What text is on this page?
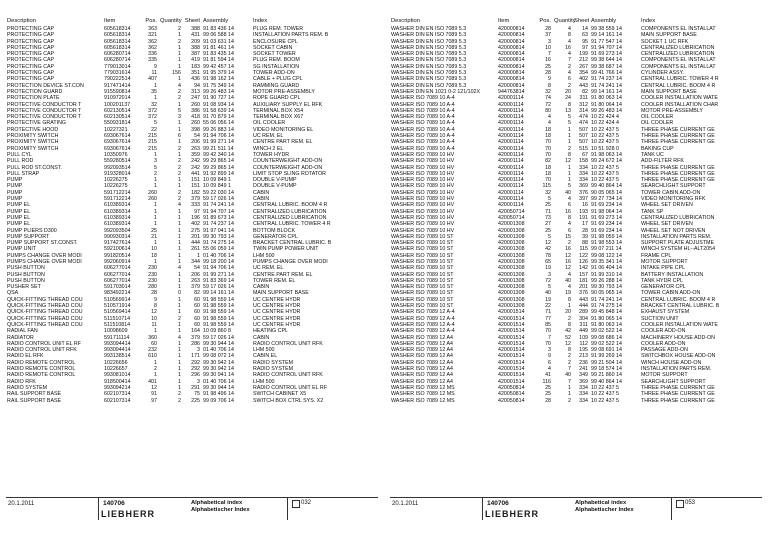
Description	Item	Pos.	Quantity	Sheet	Assembly	Index
PROTECTING CAP	605618314	363	2	388	91 83 436 14	PLUG REM. TOWER
PROTECTING CAP	605618314	321	1	431	99 06 588 14	INSTALLATION PARTS REM. B
PROTECTING CAP	605618314	362	2	209	91 03 631 14	ENCLOSURE CPL
PROTECTING CAP	605618314	362	1	388	91 81 461 14	SOCKET CABIN
PROTECTING CAP	606280714	336	1	387	91 83 435 14	SOCKET TOWER
PROTECTING CAP	606280714	335	1	419	91 81 594 14	PLUG REM. BOOM
PROTECTING CAP	779013014	9	1	183	99 42 457 14	SG INSTALLATION
PROTECTING CAP	779031614	11	156	351	91 95 379 14	TOWER ADD-ON
PROTECTING CAP	790222514	407	1	436	91 98 162 14	CABLE + PLUG CPL
PROTECTION DEVICE ST.CON	917471414	1	4	94	91 75 349 14	RAMMING GUARD
PROTECTION GUARD	915590814	35	2	313	99 26 483 14	MOTOR PRE-ASSEMBLY
PROTECTION PLATE	910972014	1	2	247	91 90 727 14	ROPE GUARD CPL
PROTECTIVE CONDUCTOR T	100201137	32	1	260	91 08 934 14	AUXILIARY SUPPLY EL RFK
PROTECTIVE CONDUCTOR T	602130514	372	5	386	91 58 639 14	TERMINAL BOX X54
PROTECTIVE CONDUCTOR T	602130514	372	3	418	91 70 879 14	TERMINAL BOX X67
PROTECTIVE GRATING	550931814	5	1	260	55 06 056 14	OIL COOLER
PROTECTIVE HOOD	10227321	22	1	398	99 26 883 14	VIDEO MONITORING EL
PROXIMITY SWITCH	693067614	215	6	54	91 94 706 14	UC REM. EL
PROXIMITY SWITCH	693067614	215	1	206	91 99 271 14	CENTRE PART REM. EL
PROXIMITY SWITCH	693067614	215	2	263	99 21 511 14	WINCH 2 EL
PULL CYL	10350976	1	1	359	99 42 340 14	TOWER HYDR
PULL ROD	559280514	3	2	242	99 29 865 14	COUNTERWEIGHT ADD-ON
PULL ROD ST.CONST.	992093514	5	2	242	99 29 865 14	COUNTERWEIGHT ADD-ON
PULL STRAP	919328014	2	2	441	91 92 899 14	LIMIT STOP SLING ROTATOR
PUMP	10226275	1	1	151	10 09 849 1	DOUBLE V-PUMP
PUMP	10226275	1	1	151	10 09 849 1	DOUBLE V-PUMP
PUMP	591712214	260	2	182	59 22 030 14	CABIN
PUMP	591712214	260	2	379	59 17 026 14	CABIN
PUMP EL	610389314	1	4	333	91 74 241 14	CENTRAL LUBRIC. BOOM 4 R
PUMP EL	610389314	1	1	97	91 94 707 14	CENTRALIZED LUBRICATION
PUMP EL	610389314	1	1	196	91 89 673 14	CENTRALIZED LUBRICATION
PUMP EL	610389314	1	1	402	91 74 237 14	CENTRAL LUBRIC. TOWER 4 R
PUMP PLIERS D300	992093504	25	1	275	91 97 041 14	BOTTOM BLOCK
PUMP SUPPORT	990930314	21	1	201	99 30 793 14	GENERATOR CPL
PUMP SUPPORT ST.CONST.	917427614	1	1	444	91 74 275 14	BRACKET CENTRAL LUBRIC. B
PUMP UNIT	592100614	10	1	261	55 06 059 14	TWIN PUMP POWER UNIT
PUMPS CHANGE OVER MODI	991820514	18	1	1	01 40 706 14	LHM 500
PUMPS CHANGE OVER MODI	992060914	1	1	344	99 18 200 14	PUMPS CHANGE OVER MODI
PUSH BUTTON	606277014	230	4	54	91 94 706 14	UC REM. EL
PUSH BUTTON	606277014	230	1	206	91 99 271 14	CENTRE PART REM. EL
PUSH BUTTON	606277014	230	1	263	91 83 369 14	TOWER REM. EL
PUSHER SET	591703014	280	1	379	59 17 026 14	CABIN
QSA	983492214	28	0	82	99 14 161 14	MAIN SUPPORT BASE
QUICK-FITTING THREAD COU	510569914	9	1	60	91 98 559 14	UC CENTRE HYDR
QUICK-FITTING THREAD COU	510571914	8	1	60	91 98 559 14	UC CENTRE HYDR
QUICK-FITTING THREAD COU	510569414	12	1	60	91 98 559 14	UC CENTRE HYDR
QUICK-FITTING THREAD COU	511510714	10	2	60	91 98 559 14	UC CENTRE HYDR
QUICK-FITTING THREAD COU	511510814	11	1	60	91 98 559 14	UC CENTRE HYDR
RADIAL FAN	10098609	1	1	164	10 09 860 8	HEATING CPL
RADIATOR	591711114	360	4	379	59 17 026 14	CABIN
RADIO CONTROL UNIT EL RF	993094414	60	1	286	99 30 944 14	RADIO CONTROL UNIT RFK
RADIO CONTROL UNIT RFK	993094414	232	1	3	01 40 706 14	LHM 500
RADIO EL RFK	993138514	610	1	171	99 08 072 14	CABIN EL
RADIO REMOTE CONTROL	10226656	1	1	292	99 30 942 14	RADIO SYSTEM
RADIO REMOTE CONTROL	10226657	2	1	292	99 30 942 14	RADIO SYSTEM
RADIO REMOTE CONTROL	993081014	1	1	296	99 30 941 14	RADIO CONTROL UNIT RFK
RADIO RFK	918500414	401	1	3	01 40 706 14	LHM 500
RADIO SYSTEM	993094214	12	1	291	99 30 944 14	RADIO CONTROL UNIT EL RF
RAIL SUPPORT BASE	602107314	91	2	75	91 98 496 14	SWITCH CABINET X5
RAIL SUPPORT BASE	602107314	97	2	225	99 09 706 14	SWITCH BOX CTRL SYS. X2
20.1.2011	140706
LIEBHERR
Alphabetical index
Alphabetischer Index
032
Description	Item	Pos.	Quantity	Sheet	Assembly	Index
WASHER DIN EN ISO 7089 5.3	420000814	28	4	14	99 38 559 14	COMPONENTS EL INSTALLAT
WASHER DIN EN ISO 7089 5.3	420000814	37	8	63	99 14 161 14	MAIN SUPPORT BASE
WASHER DIN EN ISO 7089 5.3	420000814	3	4	95	91 77 547 14	SOCKET 1 UC RFK
WASHER DIN EN ISO 7089 5.3	420000814	10	16	97	91 94 707 14	CENTRALIZED LUBRICATION
WASHER DIN EN ISO 7089 5.3	420000814	7	4	199	91 69 273 14	CENTRALIZED LUBRICATION
WASHER DIN EN ISO 7089 5.3	420000814	16	7	212	99 38 644 14	COMPONENTS EL INSTALLAT
WASHER DIN EN ISO 7089 5.3	420000814	25	2	267	99 38 687 14	COMPONENTS EL INSTALLAT
WASHER DIN EN ISO 7089 5.3	420000814	28	4	354	99 41 766 14	CYLINDER ASSY.
WASHER DIN EN ISO 7089 5.3	420000814	9	6	402	91 74 237 14	CENTRAL LUBRIC. TOWER 4 R
WASHER DIN EN ISO 7089 5.3	420000814	8	2	443	91 74 241 14	CENTRAL LUBRIC. BOOM 4 R
WASHER DIN EN 1021 0-2 121/102X	944763814	32	20	82	99 14 161 14	MAIN SUPPORT BASE
WASHER ISO 7089 10 A-4	420001114	74	24	311	91 80 063 14	COOLER INSTALLATION WATE
WASHER ISO 7089 10 A-4	420001114	72	8	312	91 80 064 14	COOLER INSTALLATION CHAR
WASHER ISO 7089 10 A-4	420001114	80	13	314	99 26 483 14	MOTOR PRE-ASSEMBLY
WASHER ISO 7089 10 A-4	420001114	4	5	474	10 22 424 4	OIL COOLER
WASHER ISO 7089 10 A-4	420001114	4	5	474	10 22 424 4	OIL COOLER
WASHER ISO 7089 10 A-4	420001114	18	1	507	10 22 437 5	THREE PHASE CURRENT GE
WASHER ISO 7089 10 A-4	420001114	18	1	507	10 22 437 5	THREE PHASE CURRENT GE
WASHER ISO 7089 10 A-4	420001114	70	1	507	10 22 437 5	THREE PHASE CURRENT GE
WASHER ISO 7089 10 A-4	420001114	70	2	515	10 51 928 0	BAKING CUP
WASHER ISO 7089 10 HV	420001114	70	8	67	91 98 063 14	TANK UC
WASHER ISO 7089 10 HV	420001114	82	12	158	99 24 672 14	ADD-FILTER RFK
WASHER ISO 7089 10 HV	420001114	18	1	334	10 22 437 5	THREE PHASE CURRENT GE
WASHER ISO 7089 10 HV	420001114	18	1	334	10 22 437 5	THREE PHASE CURRENT GE
WASHER ISO 7089 10 HV	420001114	70	1	334	10 22 437 5	THREE PHASE CURRENT GE
WASHER ISO 7089 10 HV	420001114	115	5	369	99 40 864 14	SEARCHLIGHT SUPPORT
WASHER ISO 7089 10 HV	420001114	32	40	376	90 05 065 14	TOWER CABIN ADD-ON
WASHER ISO 7089 10 HV	420001114	5	4	397	99 27 734 14	VIDEO MONITORING RFK
WASHER ISO 7089 10 HV	420001114	25	6	16	91 69 234 14	WHEEL SET DRIVEN
WASHER ISO 7089 10 HV	420050714	71	16	193	91 98 064 14	TANK SP
WASHER ISO 7089 10 HV	420050714	73	8	191	91 69 273 14	CENTRALIZED LUBRICATION
WASHER ISO 7089 10 HV	420001308	27	4	17	91 69 234 14	WHEEL SET DRIVEN
WASHER ISO 7089 10 HV	420001308	25	6	28	91 69 234 14	WHEEL SET NOT DRIVEN
WASHER ISO 7089 10 ST	420001308	5	15	39	91 98 059 14	INSTALLATION PARTS REM.
WASHER ISO 7089 10 ST	420001308	12	2	88	91 98 553 14	SUPPORT PLATE ADJUSTME
WASHER ISO 7089 10 ST	420001308	42	16	115	99 07 211 14	WINCH SYSTEM HL--ALT2054
WASHER ISO 7089 10 ST	420001308	78	12	122	99 08 122 14	FRAME CPL
WASHER ISO 7089 10 ST	420001308	65	16	126	99 35 341 14	MOTOR SUPPORT
WASHER ISO 7089 10 ST	420001308	19	12	142	91 06 404 14	INTAKE PIPE CPL
WASHER ISO 7089 10 ST	420001308	3	4	157	91 99 310 14	BATTERY INSTALLATION
WASHER ISO 7089 10 ST	420001308	72	40	181	99 26 288 14	TANK HYDR CPL
WASHER ISO 7089 10 ST	420001308	5	4	201	99 30 793 14	GENERATOR CPL
WASHER ISO 7089 10 ST	420001308	40	19	376	90 05 065 14	TOWER CABIN ADD-ON
WASHER ISO 7089 10 ST	420001308	19	8	443	91 74 241 14	CENTRAL LUBRIC. BOOM 4 R
WASHER ISO 7089 10 ST	420001308	22	1	444	91 74 275 14	BRACKET CENTRAL LUBRIC. B
WASHER ISO 7089 12 A-4	420001514	71	20	289	99 45 848 14	EXHAUST SYSTEM
WASHER ISO 7089 12 A-4	420001514	77	2	304	91 80 065 14	SUCTION UNIT
WASHER ISO 7089 12 A-4	420001514	85	8	311	91 80 063 14	COOLER INSTALLATION WATE
WASHER ISO 7089 12 A-4	420001514	70	42	449	99 02 522 14	COOLER ADD-ON
WASHER ISO 7089 12 A4	420001514	7	52	109	99 08 686 14	MACHINERY HOUSE ADD-ON
WASHER ISO 7089 12 A4	420001514	70	12	112	99 02 522 14	COOLER ADD-ON
WASHER ISO 7089 12 A4	420001514	3	8	195	99 08 691 14	PASSAGE ADD-ON
WASHER ISO 7089 12 A4	420001514	9	2	213	91 99 269 14	SWITCHBOX HOUSE ADD-ON
WASHER ISO 7089 12 A4	420001514	6	2	236	99 21 504 14	WINCH HOUSE ADD-ON
WASHER ISO 7089 12 A4	420001514	4	7	241	99 18 574 14	INSTALLATION PARTS REM.
WASHER ISO 7089 12 A4	420001514	41	40	349	99 21 860 14	MOTOR SUPPORT
WASHER ISO 7089 12 A4	420001514	116	7	369	99 40 864 14	SEARCHLIGHT SUPPORT
WASHER ISO 7089 12 MS	420050814	25	1	334	10 22 437 5	THREE PHASE CURRENT GE
WASHER ISO 7089 12 MS	420050814	25	1	334	10 22 437 5	THREE PHASE CURRENT GE
WASHER ISO 7089 12 MS	420050814	28	2	334	10 22 437 5	THREE PHASE CURRENT GE
20.1.2011	140706
LIEBHERR
Alphabetical index
Alphabetischer Index
053
